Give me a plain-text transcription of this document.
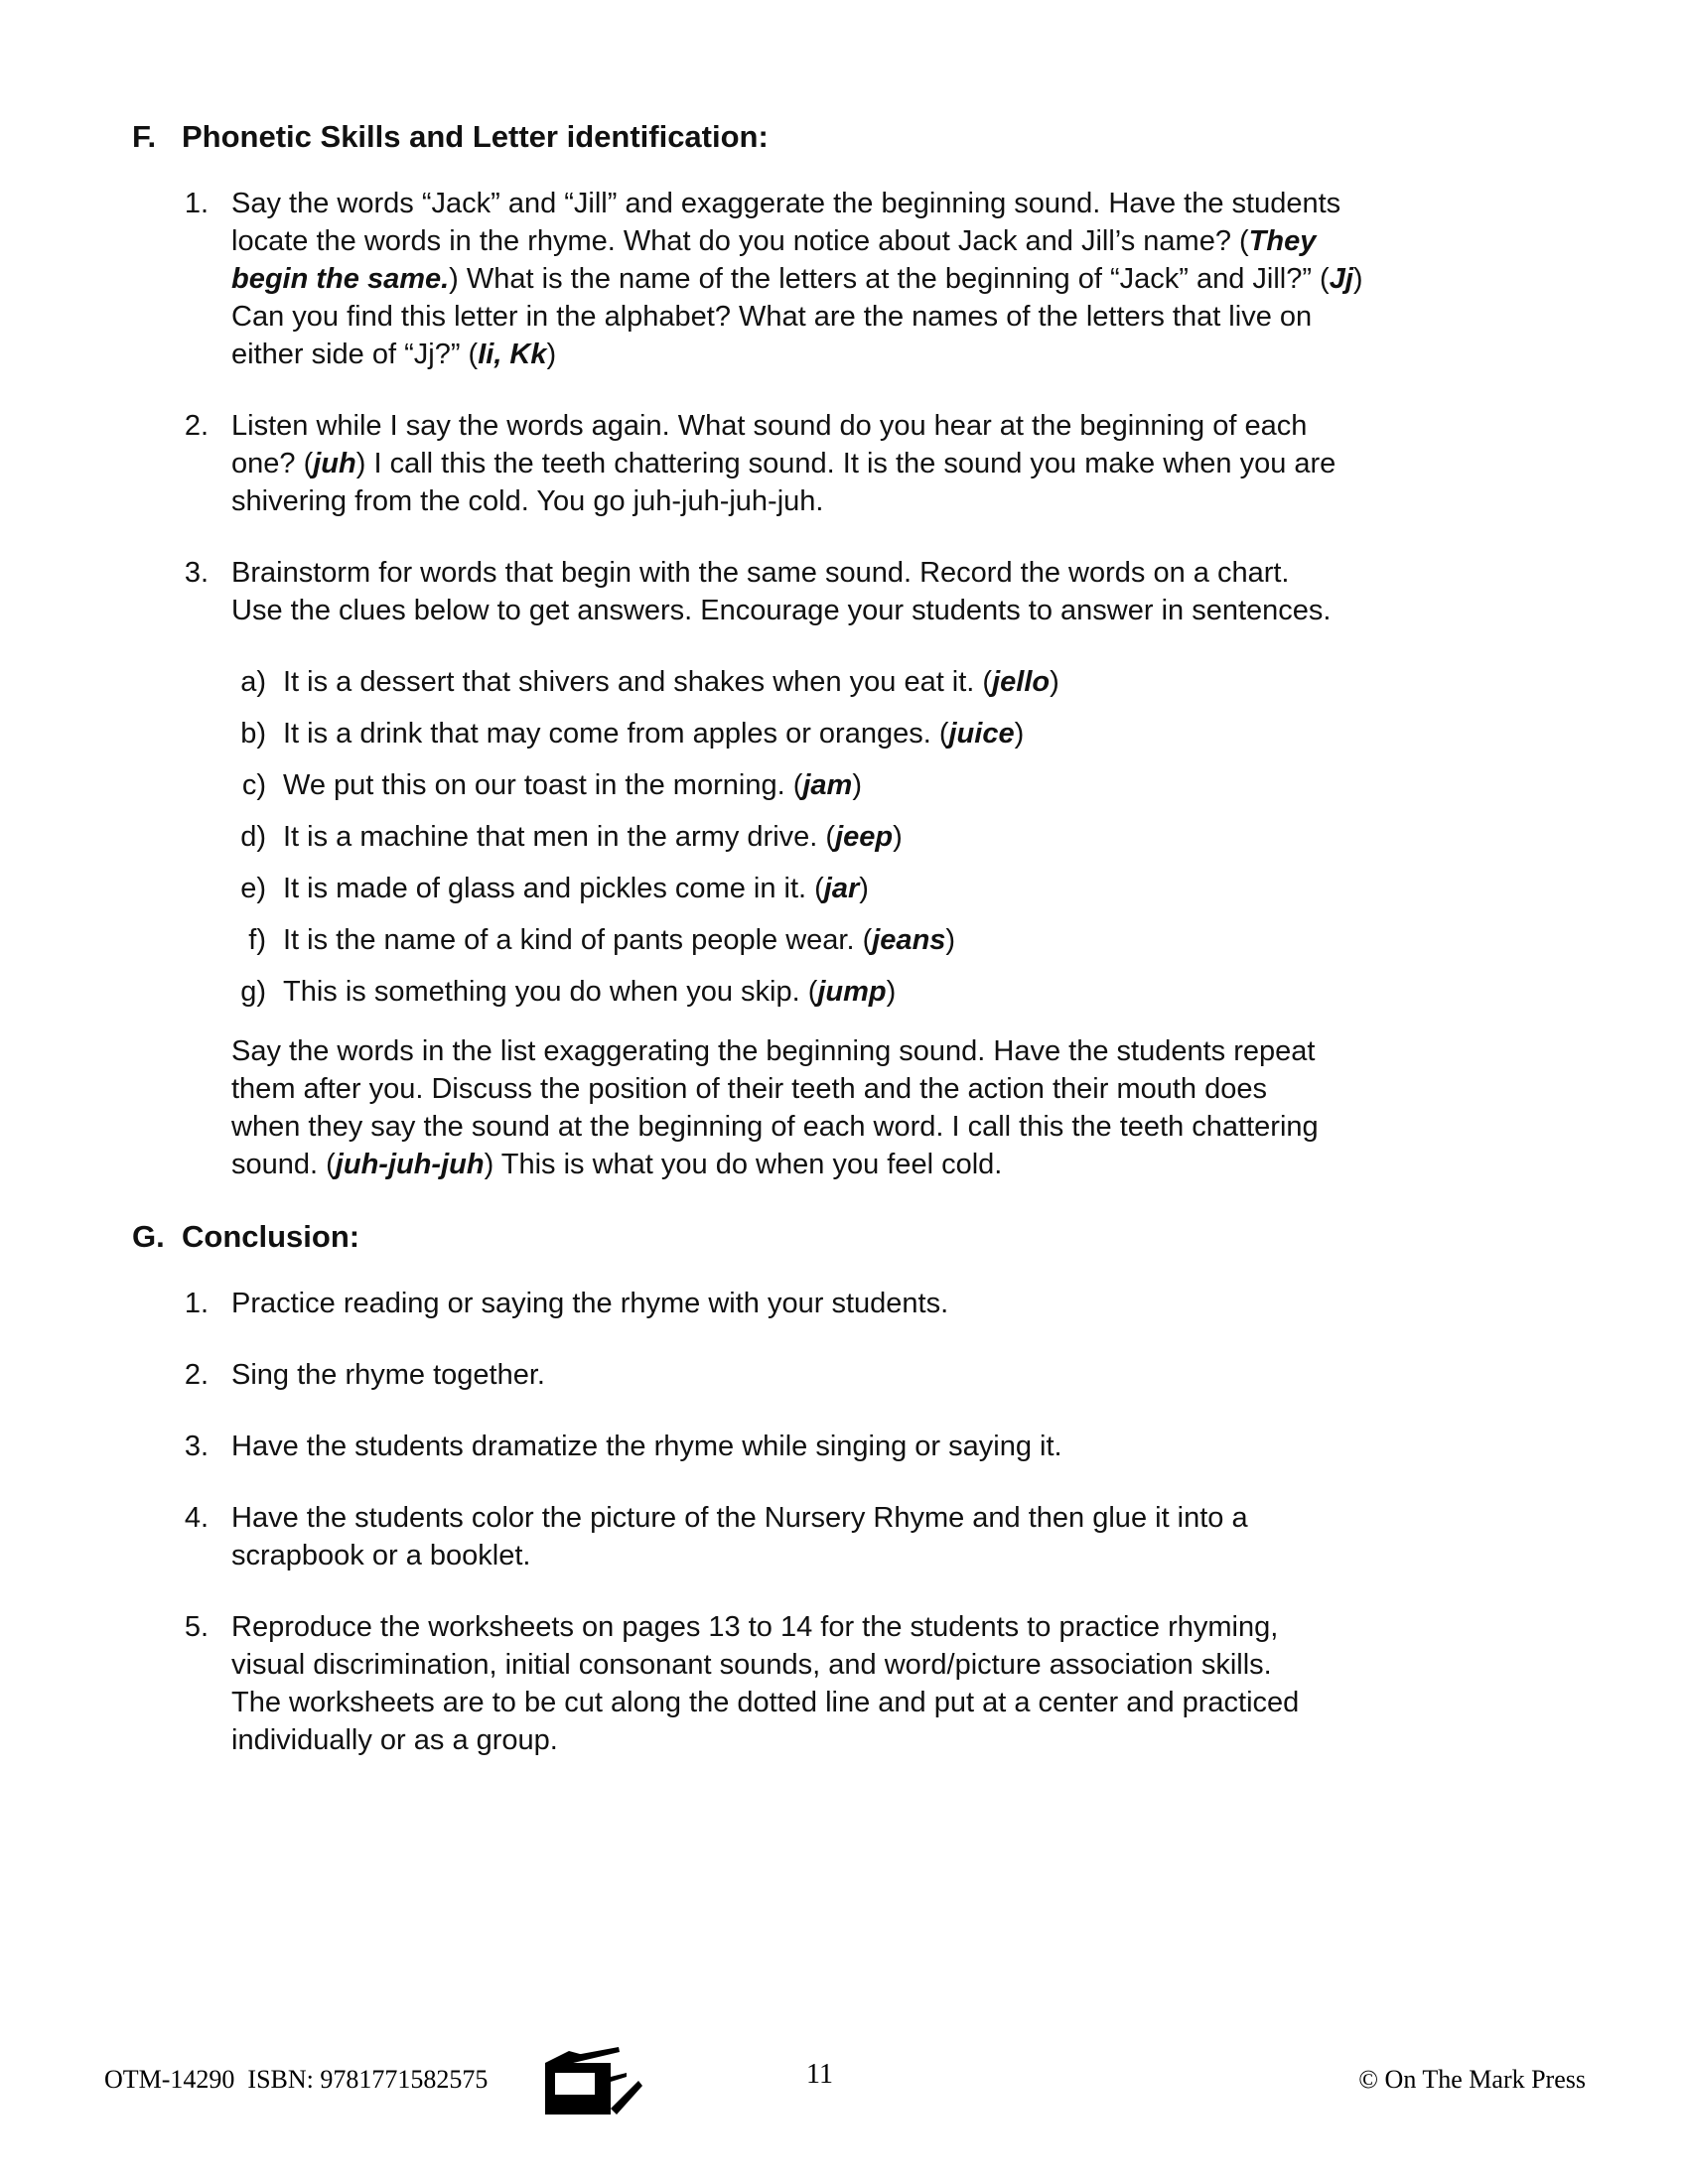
F. Phonetic Skills and Letter identification:
1. Say the words “Jack” and “Jill” and exaggerate the beginning sound. Have the students
locate the words in the rhyme. What do you notice about Jack and Jill’s name? (They
begin the same.) What is the name of the letters at the beginning of “Jack” and Jill?” (Jj)
Can you find this letter in the alphabet? What are the names of the letters that live on
either side of “Jj?” (Ii, Kk)
2. Listen while I say the words again. What sound do you hear at the beginning of each
one? (juh) I call this the teeth chattering sound. It is the sound you make when you are
shivering from the cold. You go juh-juh-juh-juh.
3. Brainstorm for words that begin with the same sound. Record the words on a chart.
Use the clues below to get answers. Encourage your students to answer in sentences.
a) It is a dessert that shivers and shakes when you eat it. (jello)
b) It is a drink that may come from apples or oranges. (juice)
c) We put this on our toast in the morning. (jam)
d) It is a machine that men in the army drive. (jeep)
e) It is made of glass and pickles come in it. (jar)
f) It is the name of a kind of pants people wear. (jeans)
g) This is something you do when you skip. (jump)
Say the words in the list exaggerating the beginning sound. Have the students repeat
them after you. Discuss the position of their teeth and the action their mouth does
when they say the sound at the beginning of each word. I call this the teeth chattering
sound. (juh-juh-juh) This is what you do when you feel cold.
G. Conclusion:
1. Practice reading or saying the rhyme with your students.
2. Sing the rhyme together.
3. Have the students dramatize the rhyme while singing or saying it.
4. Have the students color the picture of the Nursery Rhyme and then glue it into a
scrapbook or a booklet.
5. Reproduce the worksheets on pages 13 to 14 for the students to practice rhyming,
visual discrimination, initial consonant sounds, and word/picture association skills.
The worksheets are to be cut along the dotted line and put at a center and practiced
individually or as a group.
OTM-14290  ISBN: 9781771582575	11	© On The Mark Press
